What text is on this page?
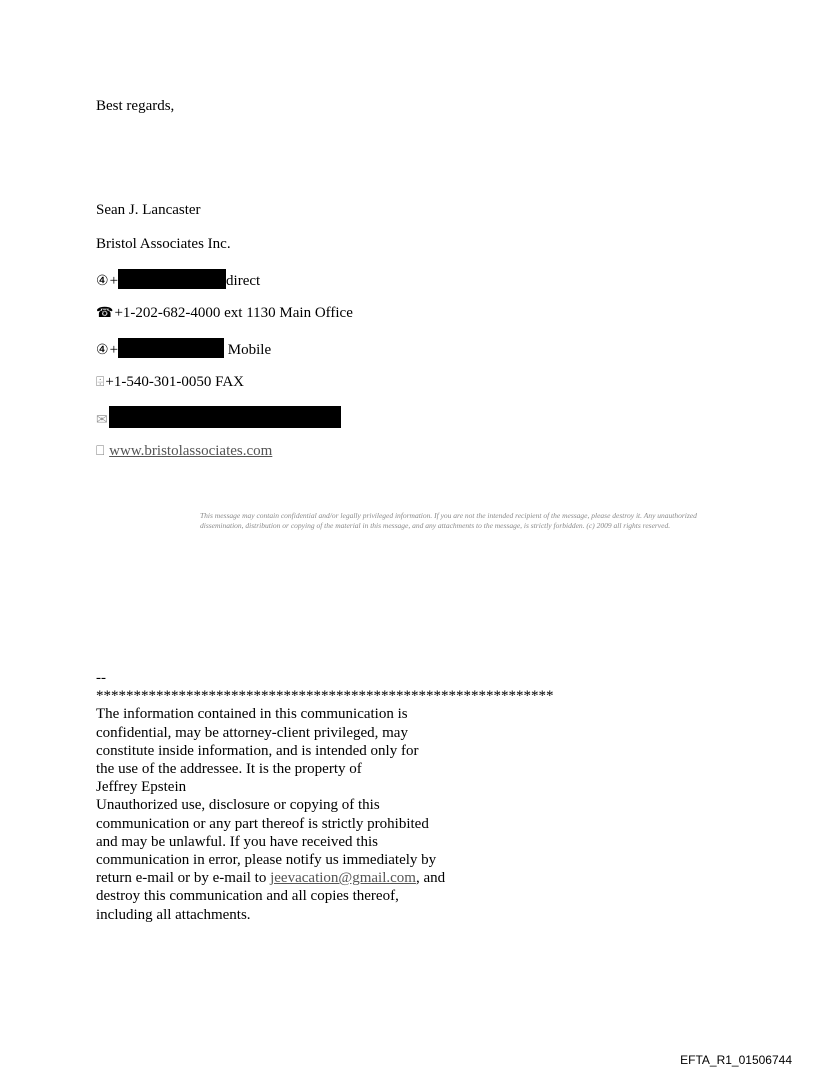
Best regards,
Sean J. Lancaster
Bristol Associates Inc.
④+	direct
☎+1-202-682-4000 ext 1130 Main Office
④+	Mobile
⌹+1-540-301-0050 FAX
✉
⎕ www.bristolassociates.com
This message may contain confidential and/or legally privileged information. If you are not the intended recipient of the message, please destroy it. Any unauthorized dissemination, distribution or copying of the material in this message, and any attachments to the message, is strictly forbidden. (c) 2009 all rights reserved.
--
*************************************************************
The information contained in this communication is
confidential, may be attorney-client privileged, may
constitute inside information, and is intended only for
the use of the addressee. It is the property of
Jeffrey Epstein
Unauthorized use, disclosure or copying of this
communication or any part thereof is strictly prohibited
and may be unlawful. If you have received this
communication in error, please notify us immediately by
return e-mail or by e-mail to jeevacation@gmail.com, and
destroy this communication and all copies thereof,
including all attachments.
EFTA_R1_01506744
